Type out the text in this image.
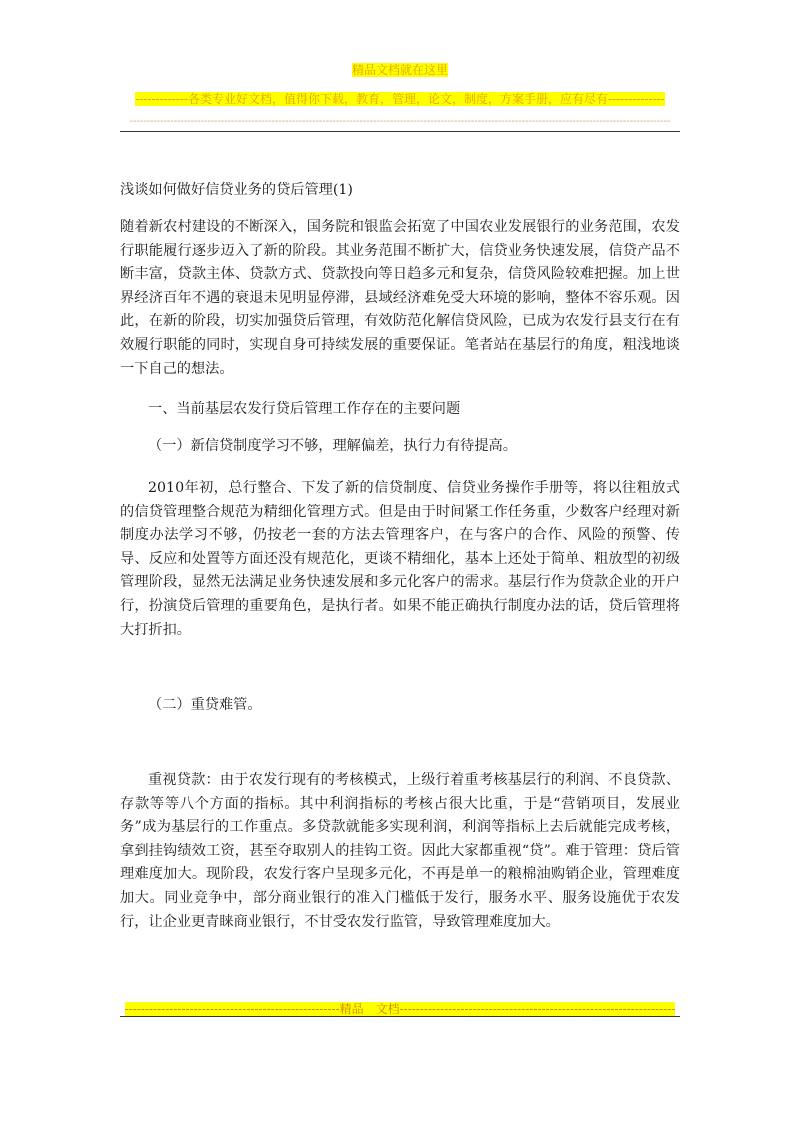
精品文档就在这里
-------------各类专业好文档，值得你下载，教育，管理，论文，制度，方案手册，应有尽有--------------
----------------------------------------------------------------------------------------------------------------------------------------------------------------

浅谈如何做好信贷业务的贷后管理(1)

随着新农村建设的不断深入，国务院和银监会拓宽了中国农业发展银行的业务范围，农发行职能履行逐步迈入了新的阶段。其业务范围不断扩大，信贷业务快速发展，信贷产品不断丰富，贷款主体、贷款方式、贷款投向等日趋多元和复杂，信贷风险较难把握。加上世界经济百年不遇的衰退未见明显停滞，县域经济难免受大环境的影响，整体不容乐观。因此，在新的阶段，切实加强贷后管理，有效防范化解信贷风险，已成为农发行县支行在有效履行职能的同时，实现自身可持续发展的重要保证。笔者站在基层行的角度，粗浅地谈一下自己的想法。

一、当前基层农发行贷后管理工作存在的主要问题

（一）新信贷制度学习不够，理解偏差，执行力有待提高。

2010年初，总行整合、下发了新的信贷制度、信贷业务操作手册等，将以往粗放式的信贷管理整合规范为精细化管理方式。但是由于时间紧工作任务重，少数客户经理对新制度办法学习不够，仍按老一套的方法去管理客户，在与客户的合作、风险的预警、传导、反应和处置等方面还没有规范化，更谈不精细化，基本上还处于简单、粗放型的初级管理阶段，显然无法满足业务快速发展和多元化客户的需求。基层行作为贷款企业的开户行，扮演贷后管理的重要角色，是执行者。如果不能正确执行制度办法的话，贷后管理将大打折扣。

（二）重贷难管。

重视贷款：由于农发行现有的考核模式，上级行着重考核基层行的利润、不良贷款、存款等等八个方面的指标。其中利润指标的考核占很大比重，于是“营销项目，发展业务”成为基层行的工作重点。多贷款就能多实现利润，利润等指标上去后就能完成考核，拿到挂钩绩效工资，甚至夺取别人的挂钩工资。因此大家都重视“贷”。难于管理：贷后管理难度加大。现阶段，农发行客户呈现多元化，不再是单一的粮棉油购销企业，管理难度加大。同业竞争中，部分商业银行的准入门槛低于发行，服务水平、服务设施优于农发行，让企业更青睐商业银行，不甘受农发行监管，导致管理难度加大。

-----------------------------------------------------精品　文档--------------------------------------------------------------------
